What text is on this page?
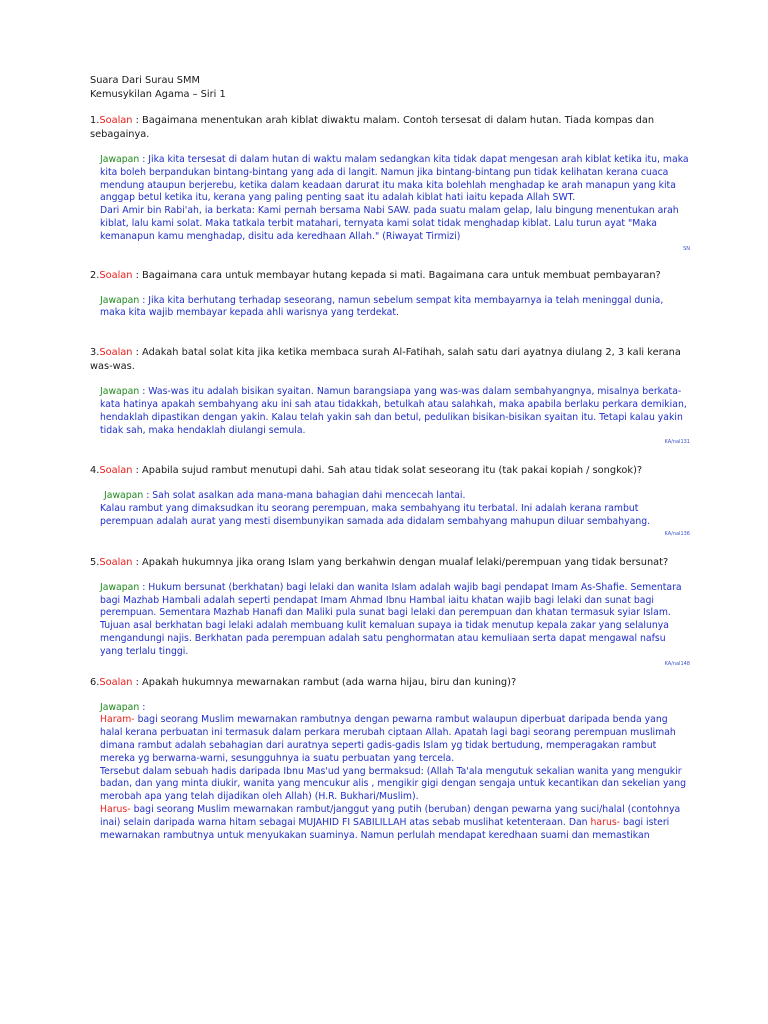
Suara Dari Surau SMM

Kemusykilan Agama – Siri 1

1.Soalan : Bagaimana menentukan arah kiblat diwaktu malam. Contoh tersesat di dalam hutan. Tiada kompas dan sebagainya.

Jawapan : Jika kita tersesat di dalam hutan di waktu malam sedangkan kita tidak dapat mengesan arah kiblat ketika itu, maka kita boleh berpandukan bintang-bintang yang ada di langit. Namun jika bintang-bintang pun tidak kelihatan kerana cuaca mendung ataupun berjerebu, ketika dalam keadaan darurat itu maka kita bolehlah menghadap ke arah manapun yang kita anggap betul ketika itu, kerana yang paling penting saat itu adalah kiblat hati iaitu kepada Allah SWT.

Dari Amir bin Rabi'ah, ia berkata: Kami pernah bersama Nabi SAW. pada suatu malam gelap, lalu bingung menentukan arah kiblat, lalu kami solat. Maka tatkala terbit matahari, ternyata kami solat tidak menghadap kiblat. Lalu turun ayat "Maka kemanapun kamu menghadap, disitu ada keredhaan Allah." (Riwayat Tirmizi)

SN

2.Soalan : Bagaimana cara untuk membayar hutang kepada si mati. Bagaimana cara untuk membuat pembayaran?

Jawapan : Jika kita berhutang terhadap seseorang, namun sebelum sempat kita membayarnya ia telah meninggal dunia, maka kita wajib membayar kepada ahli warisnya yang terdekat.

3.Soalan : Adakah batal solat kita jika ketika membaca surah Al-Fatihah, salah satu dari ayatnya diulang 2, 3 kali kerana was-was.

Jawapan : Was-was itu adalah bisikan syaitan. Namun barangsiapa yang was-was dalam sembahyangnya, misalnya berkata-kata hatinya apakah sembahyang aku ini sah atau tidakkah, betulkah atau salahkah, maka apabila berlaku perkara demikian, hendaklah dipastikan dengan yakin. Kalau telah yakin sah dan betul, pedulikan bisikan-bisikan syaitan itu. Tetapi kalau yakin tidak sah, maka hendaklah diulangi semula.

KA/nal131

4.Soalan : Apabila sujud rambut menutupi dahi. Sah atau tidak solat seseorang itu (tak pakai kopiah / songkok)?

Jawapan : Sah solat asalkan ada mana-mana bahagian dahi mencecah lantai.

Kalau rambut yang dimaksudkan itu seorang perempuan, maka sembahyang itu terbatal. Ini adalah kerana rambut perempuan adalah aurat yang mesti disembunyikan samada ada didalam sembahyang mahupun diluar sembahyang.

KA/nal136

5.Soalan : Apakah hukumnya jika orang Islam yang berkahwin dengan mualaf lelaki/perempuan yang tidak bersunat?

Jawapan : Hukum bersunat (berkhatan) bagi lelaki dan wanita Islam adalah wajib bagi pendapat Imam As-Shafie. Sementara bagi Mazhab Hambali adalah seperti pendapat Imam Ahmad Ibnu Hambal iaitu khatan wajib bagi lelaki dan sunat bagi perempuan. Sementara Mazhab Hanafi dan Maliki pula sunat bagi lelaki dan perempuan dan khatan termasuk syiar Islam. Tujuan asal berkhatan bagi lelaki adalah membuang kulit kemaluan supaya ia tidak menutup kepala zakar yang selalunya mengandungi najis. Berkhatan pada perempuan adalah satu penghormatan atau kemuliaan serta dapat mengawal nafsu yang terlalu tinggi.

KA/nal148

6.Soalan : Apakah hukumnya mewarnakan rambut (ada warna hijau, biru dan kuning)?

Jawapan :

Haram- bagi seorang Muslim mewarnakan rambutnya dengan pewarna rambut walaupun diperbuat daripada benda yang halal kerana perbuatan ini termasuk dalam perkara merubah ciptaan Allah. Apatah lagi bagi seorang perempuan muslimah dimana rambut adalah sebahagian dari auratnya seperti gadis-gadis Islam yg tidak bertudung, memperagakan rambut mereka yg berwarna-warni, sesungguhnya ia suatu perbuatan yang tercela.

Tersebut dalam sebuah hadis daripada Ibnu Mas'ud yang bermaksud: (Allah Ta'ala mengutuk sekalian wanita yang mengukir badan, dan yang minta diukir, wanita yang mencukur alis , mengikir gigi dengan sengaja untuk kecantikan dan sekelian yang merobah apa yang telah dijadikan oleh Allah) (H.R. Bukhari/Muslim).

Harus- bagi seorang Muslim mewarnakan rambut/janggut yang putih (beruban) dengan pewarna yang suci/halal (contohnya inai) selain daripada warna hitam sebagai MUJAHID FI SABILILLAH atas sebab muslihat ketenteraan. Dan harus- bagi isteri mewarnakan rambutnya untuk menyukakan suaminya. Namun perlulah mendapat keredhaan suami dan memastikan
